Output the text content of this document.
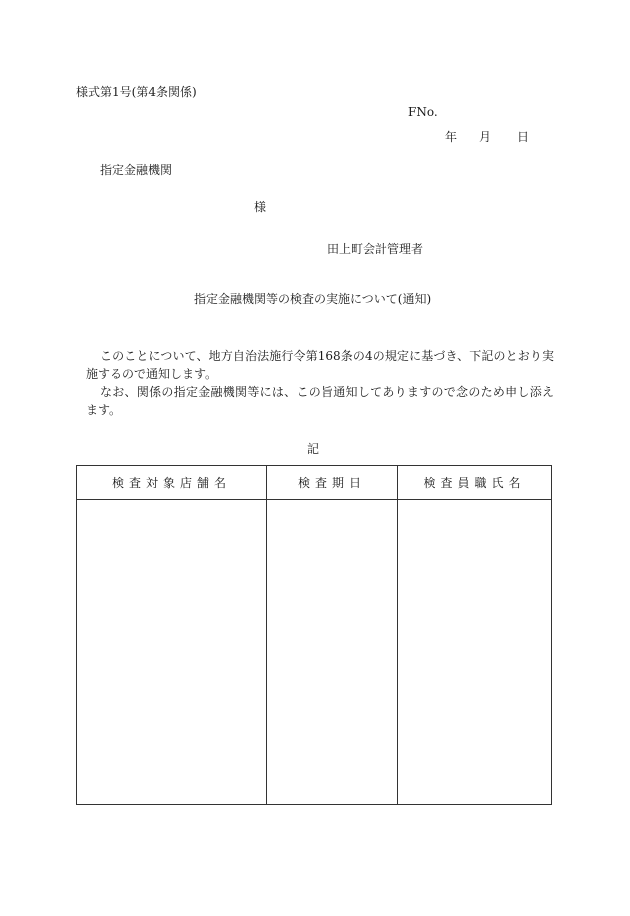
様式第1号(第4条関係)
FNo.
年 月 日
指定金融機関
様
田上町会計管理者
指定金融機関等の検査の実施について(通知)
このことについて、地方自治法施行令第168条の4の規定に基づき、下記のとおり実施するので通知します。
なお、関係の指定金融機関等には、この旨通知してありますので念のため申し添えます。
記
検査対象店舗名	検査期日	検査員職氏名
